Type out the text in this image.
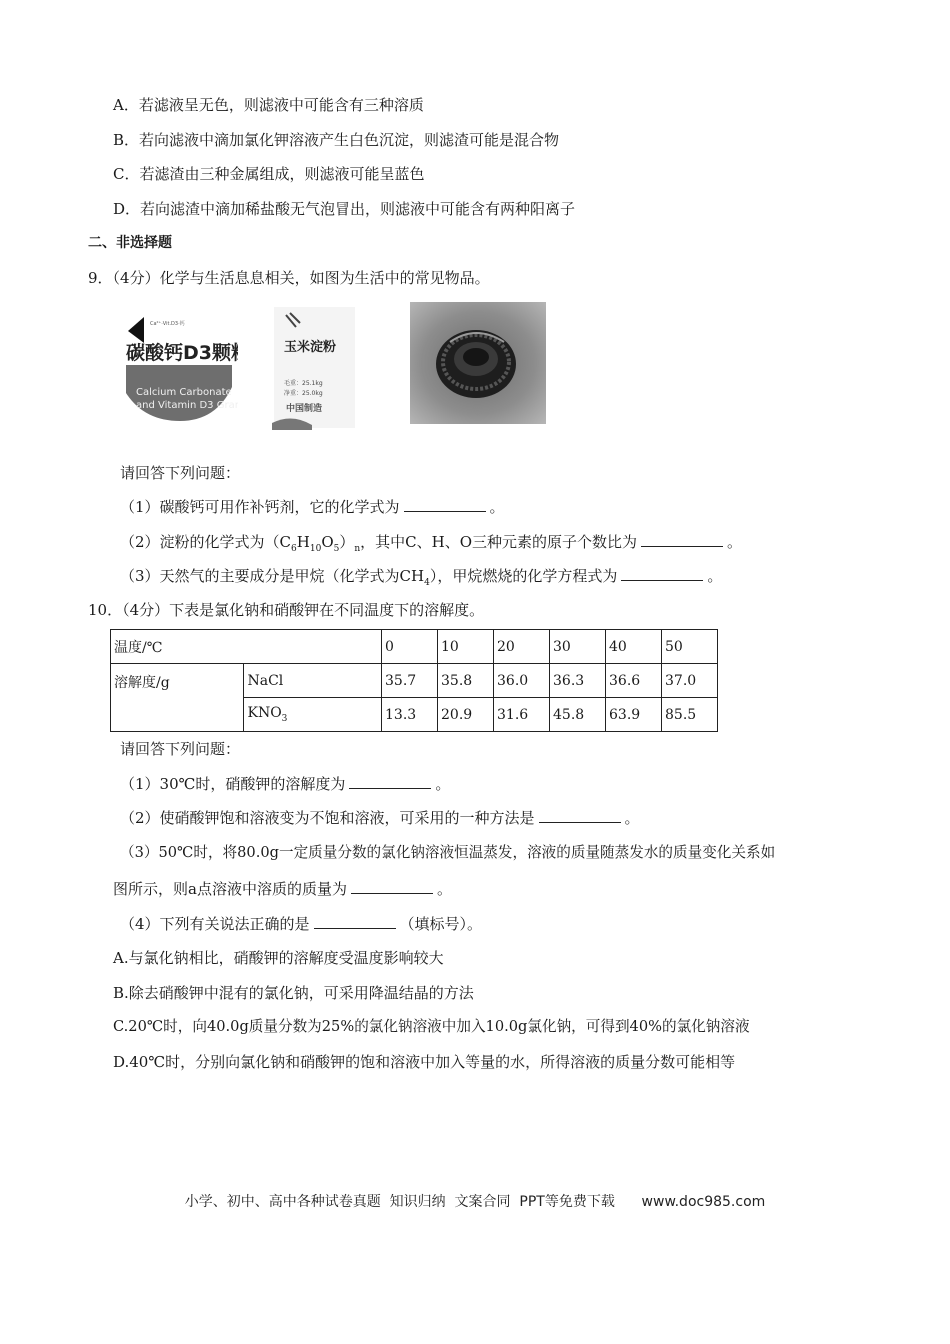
A．若滤液呈无色，则滤液中可能含有三种溶质
B．若向滤液中滴加氯化钾溶液产生白色沉淀，则滤渣可能是混合物
C．若滤渣由三种金属组成，则滤液可能呈蓝色
D．若向滤渣中滴加稀盐酸无气泡冒出，则滤液中可能含有两种阳离子
二、非选择题
9．（4分）化学与生活息息相关，如图为生活中的常见物品。
Ca²⁺·Vit.D3·钙
碳酸钙D3颗粒
Calcium Carbonate
and Vitamin D3 Gran
玉米淀粉
毛重：25.1kg
净重：25.0kg
中国制造
请回答下列问题：
（1）碳酸钙可用作补钙剂，它的化学式为	。
（2）淀粉的化学式为$(C_6H_{10}O_5)_n$，其中C、H、O三种元素的原子个数比为	。
（3）天然气的主要成分是甲烷（化学式为$CH_4$），甲烷燃烧的化学方程式为	。
10．（4分）下表是氯化钠和硝酸钾在不同温度下的溶解度。
温度/℃		0	10	20	30	40	50
溶解度/g	NaCl	35.7	35.8	36.0	36.3	36.6	37.0
	$KNO_3$	13.3	20.9	31.6	45.8	63.9	85.5
请回答下列问题：
（1）30℃时，硝酸钾的溶解度为	。
（2）使硝酸钾饱和溶液变为不饱和溶液，可采用的一种方法是	。
（3）50℃时，将80.0g一定质量分数的氯化钠溶液恒温蒸发，溶液的质量随蒸发水的质量变化关系如
图所示，则a点溶液中溶质的质量为	。
（4）下列有关说法正确的是	（填标号）。
A.与氯化钠相比，硝酸钾的溶解度受温度影响较大
B.除去硝酸钾中混有的氯化钠，可采用降温结晶的方法
C.20℃时，向40.0g质量分数为25%的氯化钠溶液中加入10.0g氯化钠，可得到40%的氯化钠溶液
D.40℃时，分别向氯化钠和硝酸钾的饱和溶液中加入等量的水，所得溶液的质量分数可能相等
小学、初中、高中各种试卷真题  知识归纳  文案合同  PPT等免费下载      www.doc985.com
